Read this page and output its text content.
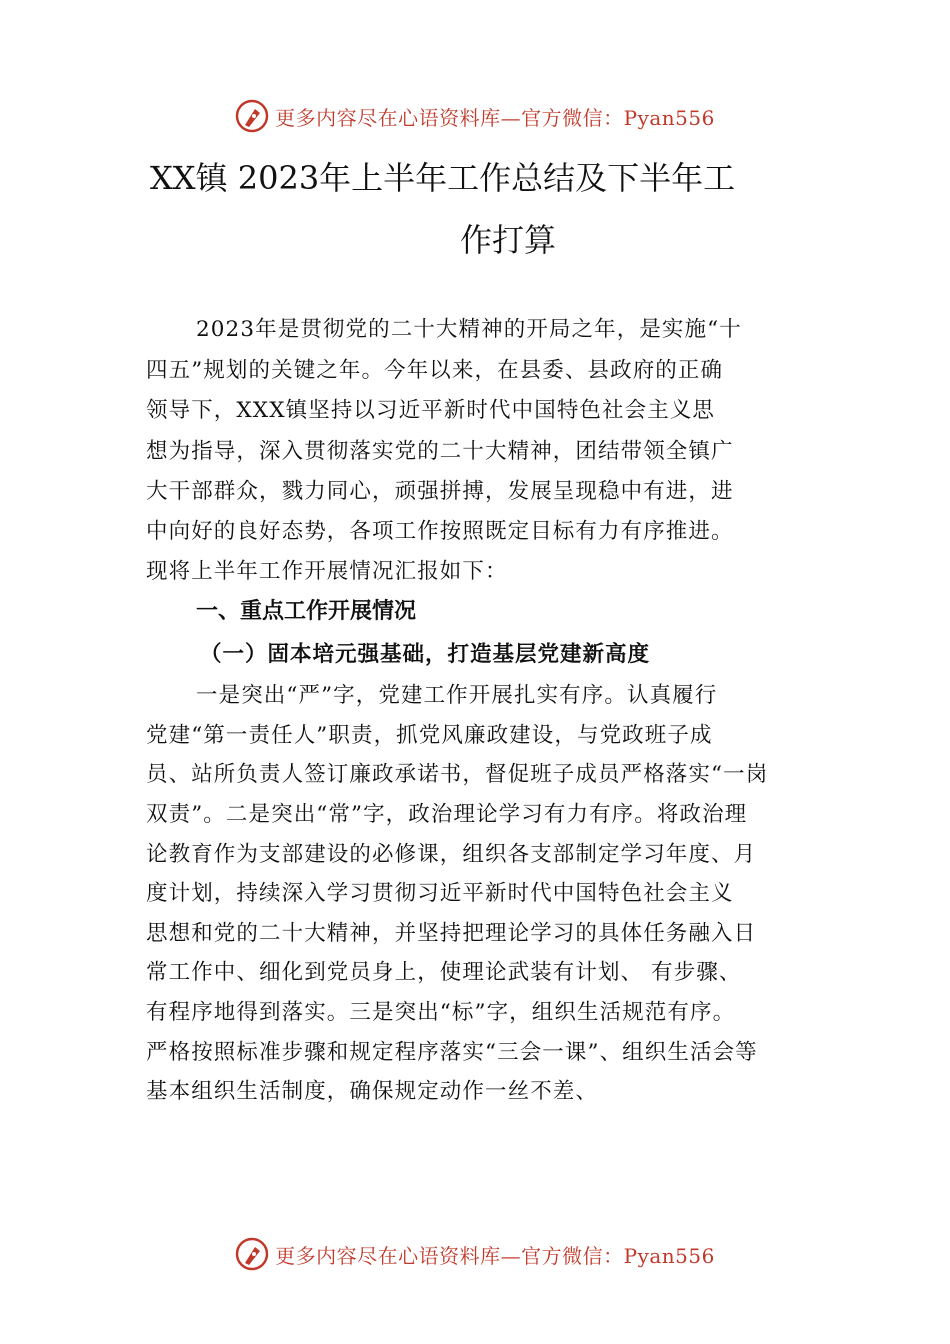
更多内容尽在心语资料库—官方微信：Pyan556
XX镇 2023年上半年工作总结及下半年工
作打算
2023年是贯彻党的二十大精神的开局之年，是实施“十
四五”规划的关键之年。今年以来，在县委、县政府的正确
领导下，XXX镇坚持以习近平新时代中国特色社会主义思
想为指导，深入贯彻落实党的二十大精神，团结带领全镇广
大干部群众，戮力同心，顽强拼搏，发展呈现稳中有进，进
中向好的良好态势，各项工作按照既定目标有力有序推进。
现将上半年工作开展情况汇报如下：
一、重点工作开展情况
（一）固本培元强基础，打造基层党建新高度
一是突出“严”字，党建工作开展扎实有序。认真履行
党建“第一责任人”职责，抓党风廉政建设，与党政班子成
员、站所负责人签订廉政承诺书，督促班子成员严格落实“一岗
双责”。二是突出“常”字，政治理论学习有力有序。将政治理
论教育作为支部建设的必修课，组织各支部制定学习年度、月
度计划，持续深入学习贯彻习近平新时代中国特色社会主义
思想和党的二十大精神，并坚持把理论学习的具体任务融入日
常工作中、细化到党员身上，使理论武装有计划、 有步骤、
有程序地得到落实。三是突出“标”字，组织生活规范有序。
严格按照标准步骤和规定程序落实“三会一课”、组织生活会等
基本组织生活制度，确保规定动作一丝不差、
更多内容尽在心语资料库—官方微信：Pyan556
